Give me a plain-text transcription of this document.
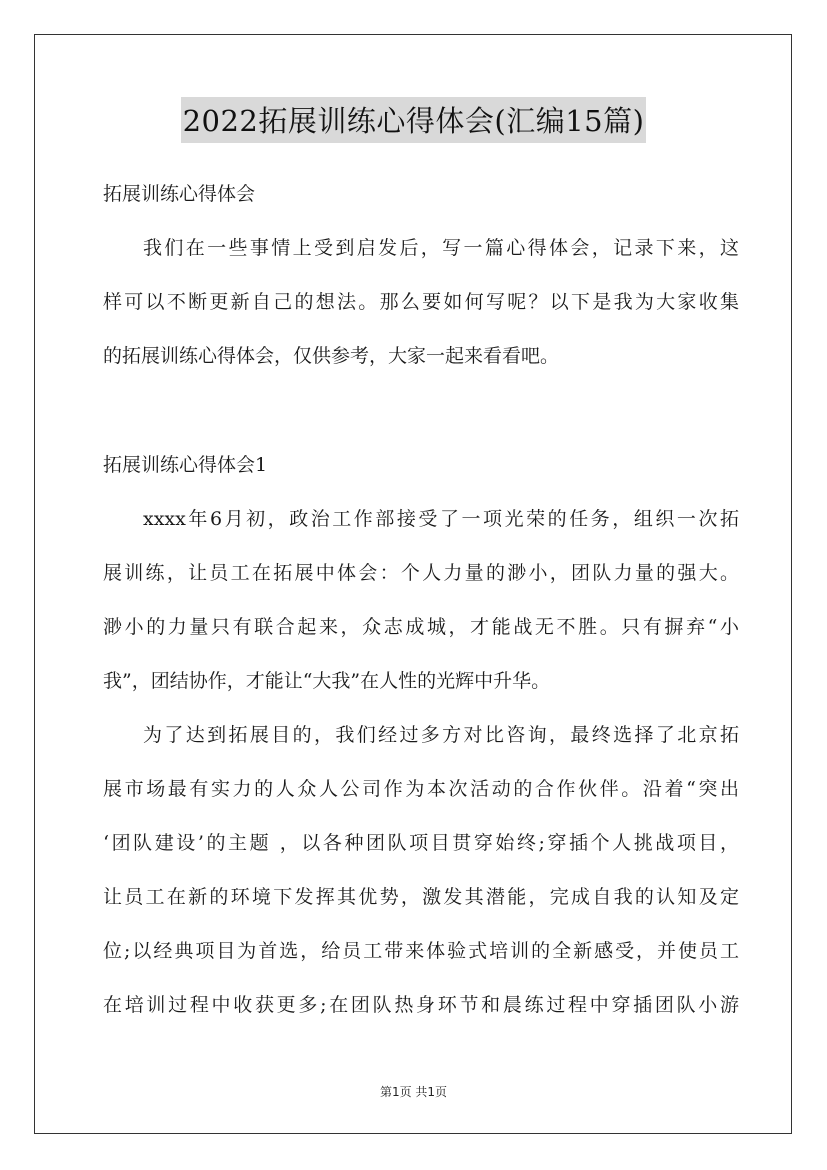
2022拓展训练心得体会(汇编15篇)
拓展训练心得体会
我们在一些事情上受到启发后，写一篇心得体会，记录下来，这
样可以不断更新自己的想法。那么要如何写呢？以下是我为大家收集
的拓展训练心得体会，仅供参考，大家一起来看看吧。
拓展训练心得体会1
xxxx年6月初，政治工作部接受了一项光荣的任务，组织一次拓
展训练，让员工在拓展中体会：个人力量的渺小，团队力量的强大。
渺小的力量只有联合起来，众志成城，才能战无不胜。只有摒弃“小
我”，团结协作，才能让“大我”在人性的光辉中升华。
为了达到拓展目的，我们经过多方对比咨询，最终选择了北京拓
展市场最有实力的人众人公司作为本次活动的合作伙伴。沿着“突出
‘团队建设’的主题 ，以各种团队项目贯穿始终;穿插个人挑战项目，
让员工在新的环境下发挥其优势，激发其潜能，完成自我的认知及定
位;以经典项目为首选，给员工带来体验式培训的全新感受，并使员工
在培训过程中收获更多;在团队热身环节和晨练过程中穿插团队小游
第1页 共1页
